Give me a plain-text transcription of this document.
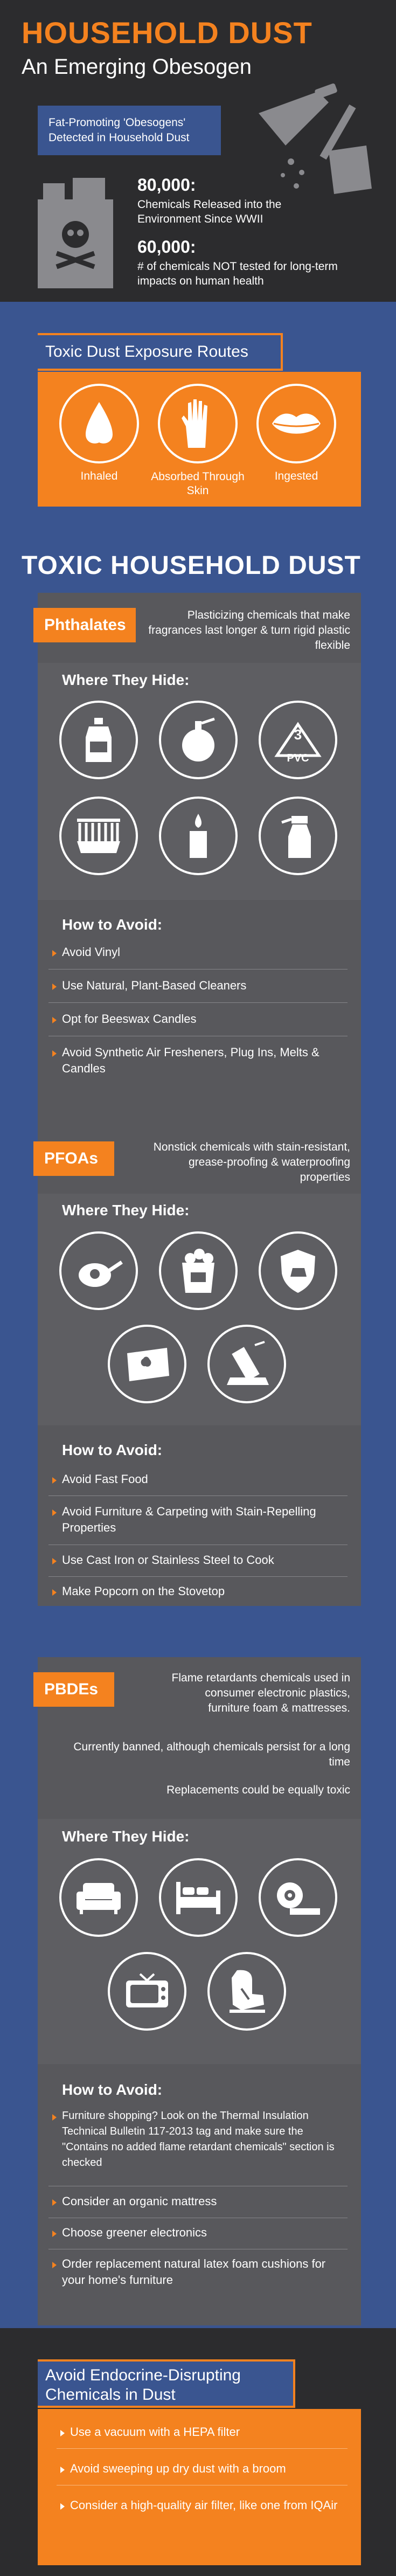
HOUSEHOLD DUST
An Emerging Obesogen
Fat-Promoting 'Obesogens' Detected in Household Dust
80,000:
Chemicals Released into the Environment Since WWII
60,000:
# of chemicals NOT tested for long-term impacts on human health
Toxic Dust Exposure Routes
Inhaled	Absorbed Through Skin
Ingested
TOXIC HOUSEHOLD DUST
Phthalates
Plasticizing chemicals that make fragrances last longer & turn rigid plastic flexible
Where They Hide:
3
PVC
How to Avoid:
Avoid Vinyl
Use Natural, Plant-Based Cleaners
Opt for Beeswax Candles
Avoid Synthetic Air Fresheners, Plug Ins, Melts & Candles
PFOAs
Nonstick chemicals with stain-resistant, grease-proofing & waterproofing properties
Where They Hide:
How to Avoid:
Avoid Fast Food
Avoid Furniture & Carpeting with Stain-Repelling Properties
Use Cast Iron or Stainless Steel to Cook
Make Popcorn on the Stovetop
PBDEs
Flame retardants chemicals used in consumer electronic plastics, furniture foam & mattresses.
Currently banned, although chemicals persist for a long time
Replacements could be equally toxic
Where They Hide:
How to Avoid:
Furniture shopping? Look on the Thermal Insulation Technical Bulletin 117-2013 tag and make sure the "Contains no added flame retardant chemicals" section is checked
Consider an organic mattress
Choose greener electronics
Order replacement natural latex foam cushions for your home's furniture
Avoid Endocrine-Disrupting Chemicals in Dust
Use a vacuum with a HEPA filter
Avoid sweeping up dry dust with a broom
Consider a high-quality air filter, like one from IQAir
